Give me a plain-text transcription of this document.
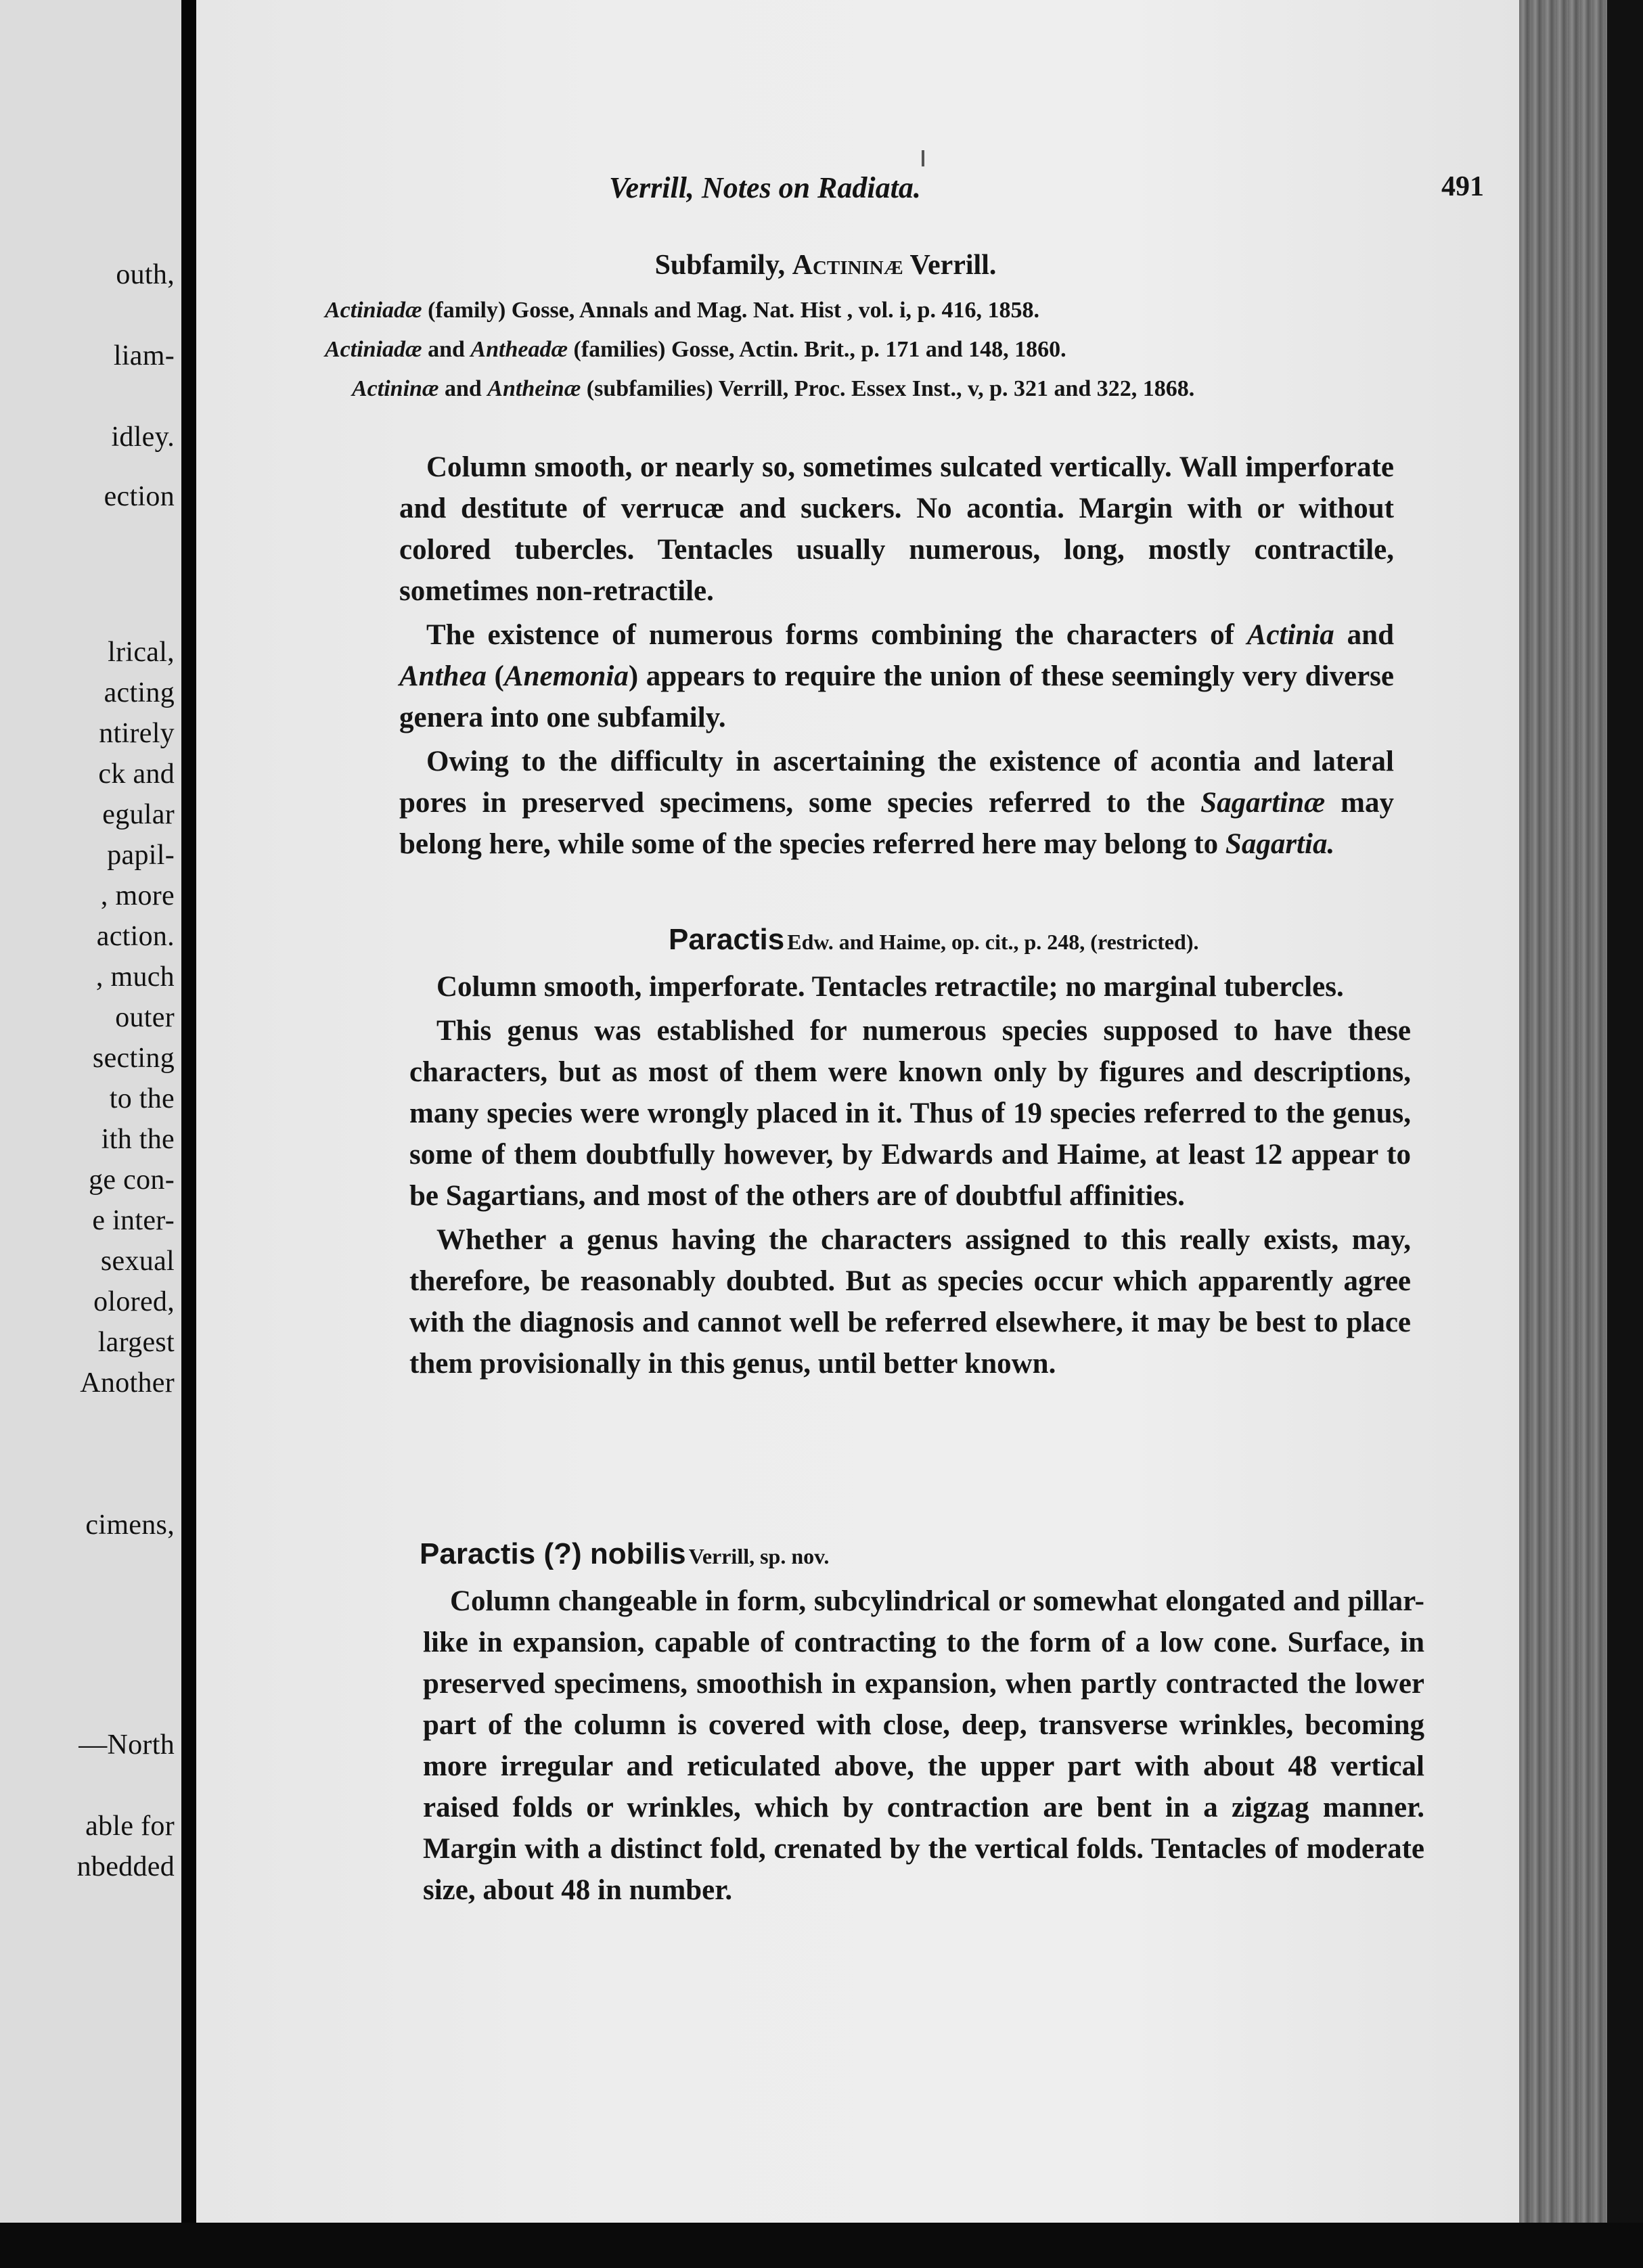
outh,
liam-
idley.
ection
lrical,
acting
ntirely
ck and
egular
papil-
, more
action.
, much
outer
secting
to the
ith the
ge con-
e inter-
sexual
olored,
largest
Another
cimens,
—North
able for
nbedded
Verrill, Notes on Radiata.	491
Subfamily, Actininæ Verrill.
Actiniadæ (family) Gosse, Annals and Mag. Nat. Hist , vol. i, p. 416, 1858.
Actiniadæ and Antheadæ (families) Gosse, Actin. Brit., p. 171 and 148, 1860.
Actininæ and Antheinæ (subfamilies) Verrill, Proc. Essex Inst., v, p. 321 and 322, 1868.

Column smooth, or nearly so, sometimes sulcated vertically. Wall imperforate and destitute of verrucæ and suckers. No acontia. Margin with or without colored tubercles. Tentacles usually numerous, long, mostly contractile, sometimes non-retractile.

The existence of numerous forms combining the characters of Actinia and Anthea (Anemonia) appears to require the union of these seemingly very diverse genera into one subfamily.

Owing to the difficulty in ascertaining the existence of acontia and lateral pores in preserved specimens, some species referred to the Sagartinæ may belong here, while some of the species referred here may belong to Sagartia.

Paractis Edw. and Haime, op. cit., p. 248, (restricted).

Column smooth, imperforate. Tentacles retractile; no marginal tubercles.

This genus was established for numerous species supposed to have these characters, but as most of them were known only by figures and descriptions, many species were wrongly placed in it. Thus of 19 species referred to the genus, some of them doubtfully however, by Edwards and Haime, at least 12 appear to be Sagartians, and most of the others are of doubtful affinities.

Whether a genus having the characters assigned to this really exists, may, therefore, be reasonably doubted. But as species occur which apparently agree with the diagnosis and cannot well be referred elsewhere, it may be best to place them provisionally in this genus, until better known.

Paractis (?) nobilis Verrill, sp. nov.

Column changeable in form, subcylindrical or somewhat elongated and pillar-like in expansion, capable of contracting to the form of a low cone. Surface, in preserved specimens, smoothish in expansion, when partly contracted the lower part of the column is covered with close, deep, transverse wrinkles, becoming more irregular and reticulated above, the upper part with about 48 vertical raised folds or wrinkles, which by contraction are bent in a zigzag manner. Margin with a distinct fold, crenated by the vertical folds. Tentacles of moderate size, about 48 in number.
